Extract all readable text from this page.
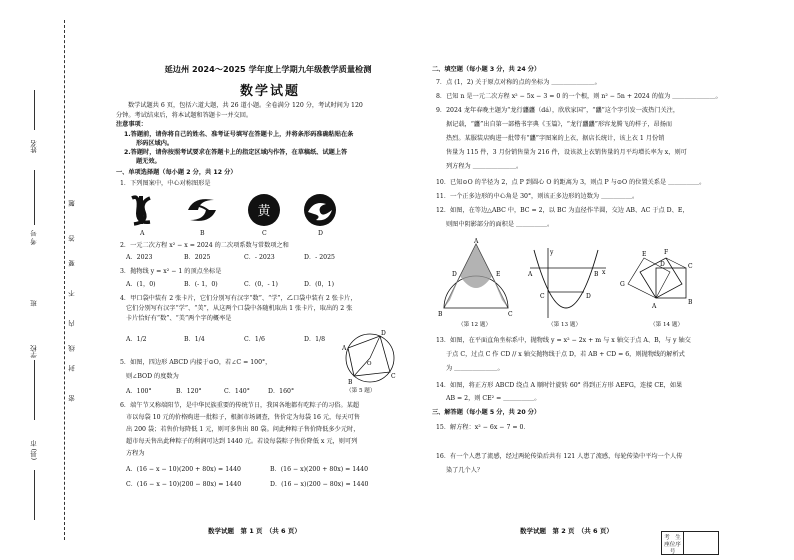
姓名
考 号
班
学校
(县) 市
题
答
要
不
内
线
封
密
延边州 2024～2025 学年度上学期九年级教学质量检测
数学试题
数学试题共 6 页，包括六道大题，共 26 道小题。全卷满分 120 分，考试时间为 120
分钟。考试结束后，将本试题和答题卡一并交回。
注意事项：
1.答题前，请你将自己的姓名、准考证号填写在答题卡上，并将条形码准确粘贴在条
形码区域内。
2.答题时，请你按照考试要求在答题卡上的指定区域内作答，在草稿纸、试题上答
题无效。
一、单项选择题（每小题 2 分，共 12 分）
1．下列图案中，中心对称图形是
黄
A	B	C	D
2．一元二次方程 x² − x = 2024 的二次项系数与常数项之和
A．2023	B．2025	C．- 2023	D．- 2025
3．抛物线 y = x² − 1 的顶点坐标是
A．(1，0)	B．(- 1，0)	C．(0，- 1)	D．(0，1)
4．甲口袋中装有 2 张卡片，它们分别写有汉字“数”、“学”，乙口袋中装有 2 张卡片，
它们分别写有汉字“学”、“美”，从这两个口袋中各随机取出 1 张卡片，取出的 2 张
卡片恰好有“数”、“美”两个字的概率是
A．1/2	B．1/4	C．1/6	D．1/8
5．如图，四边形 ABCD 内接于⊙O，若∠C = 100°，
则∠BOD 的度数为
A．100°	B．120°	C．140°	D．160°
A
B
C
D
O
（第 5 题）
6．端午节又称端阳节，是中华民族重要的传统节日，我国各地都有吃粽子的习俗。某超
市以每袋 10 元的价格购进一批粽子，根据市场调查，售价定为每袋 16 元，每天可售
出 200 袋；若售价每降低 1 元，则可多售出 80 袋。问此种粽子售价降低多少元时，
超市每天售出此种粽子的利润可达到 1440 元。若设每袋粽子售价降低 x 元，则可列
方程为
A．(16 − x − 10)(200 + 80x) = 1440	B．(16 − x)(200 + 80x) = 1440
C．(16 − x − 10)(200 − 80x) = 1440	D．(16 − x)(200 − 80x) = 1440
数学试题　第 1 页　（共 6 页）
二、填空题（每小题 3 分，共 24 分）
7．点 (1，2) 关于原点对称的点的坐标为 ＿＿＿＿＿＿＿。
8．已知 n 是一元二次方程 x² − 5x − 3 = 0 的一个根，则 n² − 5n + 2024 的值为 ＿＿＿＿＿＿＿。
9．2024 龙年春晚主题为“龙行龘龘（dá），欣欣家国”，“龘”这个字引发一波热门关注，
据记载，“龘”出自第一部楷书字典《玉篇》，“龙行龘龘”形容龙腾飞的样子，昂扬而
热烈。某服装店购进一批带有“龘”字图案的上衣，据店长统计，该上衣 1 月份销
售量为 115 件，3 月份销售量为 216 件，设该款上衣销售量的月平均增长率为 x，则可
列方程为 ＿＿＿＿＿＿＿。
10．已知⊙O 的半径为 2，点 P 到圆心 O 的距离为 3，则点 P 与⊙O 的位置关系是 ＿＿＿＿＿。
11．一个正多边形的中心角是 30°，则该正多边形的边数为 ＿＿＿＿＿。
12．如图，在等边△ABC 中，BC = 2，以 BC 为直径作半圆，交边 AB、AC 于点 D、E，
则图中阴影部分的面积是 ＿＿＿＿＿。
A
D	E
B	C
（第 12 题）
A	B
C	D
y
x
（第 13 题）
A
B
C
D
E
G
F
（第 14 题）
13．如图，在平面直角坐标系中，抛物线 y = x² − 2x + m 与 x 轴交于点 A、B，与 y 轴交
于点 C，过点 C 作 CD // x 轴交抛物线于点 D，若 AB + CD = 6，则抛物线的解析式
为 ＿＿＿＿＿＿＿。
14．如图，将正方形 ABCD 绕点 A 顺时针旋转 60° 得到正方形 AEFG，连接 CE，如果
AB = 2，则 CE² = ＿＿＿＿＿。
三、解答题（每小题 5 分，共 20 分）
15．解方程：x² − 6x − 7 = 0．
16．有一个人患了流感，经过两轮传染后共有 121 人患了流感，每轮传染中平均一个人传
染了几个人？
数学试题　第 2 页　（共 6 页）
考　生
座位序号
